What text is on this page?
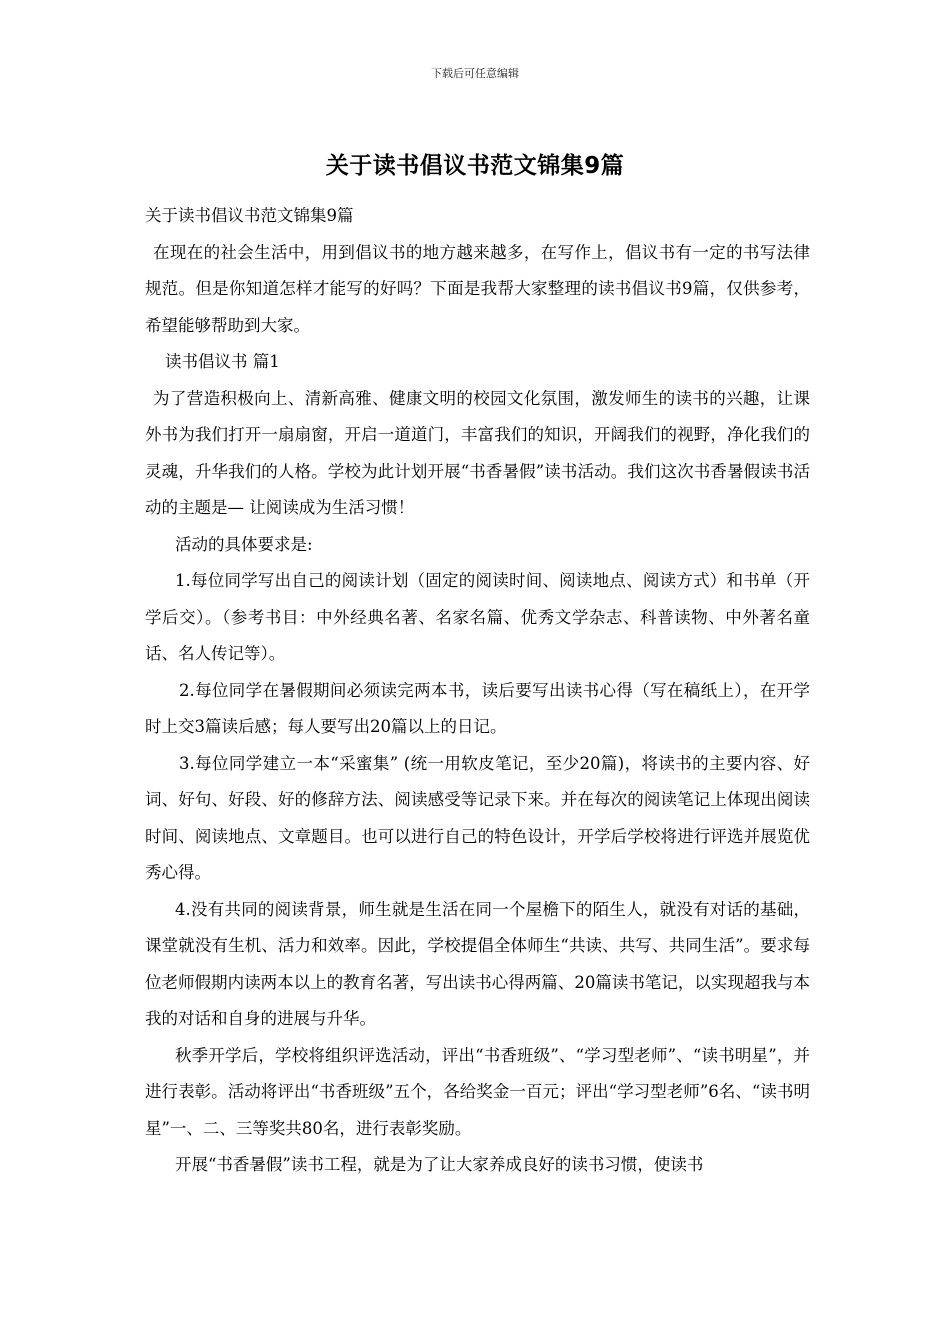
下载后可任意编辑
关于读书倡议书范文锦集9篇

关于读书倡议书范文锦集9篇

在现在的社会生活中，用到倡议书的地方越来越多，在写作上，倡议书有一定的书写法律规范。但是你知道怎样才能写的好吗？下面是我帮大家整理的读书倡议书9篇，仅供参考，希望能够帮助到大家。

读书倡议书 篇1

为了营造积极向上、清新高雅、健康文明的校园文化氛围，激发师生的读书的兴趣，让课外书为我们打开一扇扇窗，开启一道道门，丰富我们的知识，开阔我们的视野，净化我们的灵魂，升华我们的人格。学校为此计划开展“书香暑假”读书活动。我们这次书香暑假读书活动的主题是— 让阅读成为生活习惯！

活动的具体要求是:

1.每位同学写出自己的阅读计划（固定的阅读时间、阅读地点、阅读方式）和书单（开学后交）。（参考书目：中外经典名著、名家名篇、优秀文学杂志、科普读物、中外著名童话、名人传记等）。

2.每位同学在暑假期间必须读完两本书，读后要写出读书心得（写在稿纸上），在开学时上交3篇读后感；每人要写出20篇以上的日记。

3.每位同学建立一本“采蜜集” (统一用软皮笔记，至少20篇)，将读书的主要内容、好词、好句、好段、好的修辞方法、阅读感受等记录下来。并在每次的阅读笔记上体现出阅读时间、阅读地点、文章题目。也可以进行自己的特色设计，开学后学校将进行评选并展览优秀心得。

4.没有共同的阅读背景，师生就是生活在同一个屋檐下的陌生人，就没有对话的基础，课堂就没有生机、活力和效率。因此，学校提倡全体师生“共读、共写、共同生活”。要求每位老师假期内读两本以上的教育名著，写出读书心得两篇、20篇读书笔记，以实现超我与本我的对话和自身的进展与升华。

秋季开学后，学校将组织评选活动，评出“书香班级”、“学习型老师”、“读书明星”，并进行表彰。活动将评出“书香班级”五个，各给奖金一百元；评出“学习型老师”6名、“读书明星”一、二、三等奖共80名，进行表彰奖励。

开展“书香暑假”读书工程，就是为了让大家养成良好的读书习惯，使读书
